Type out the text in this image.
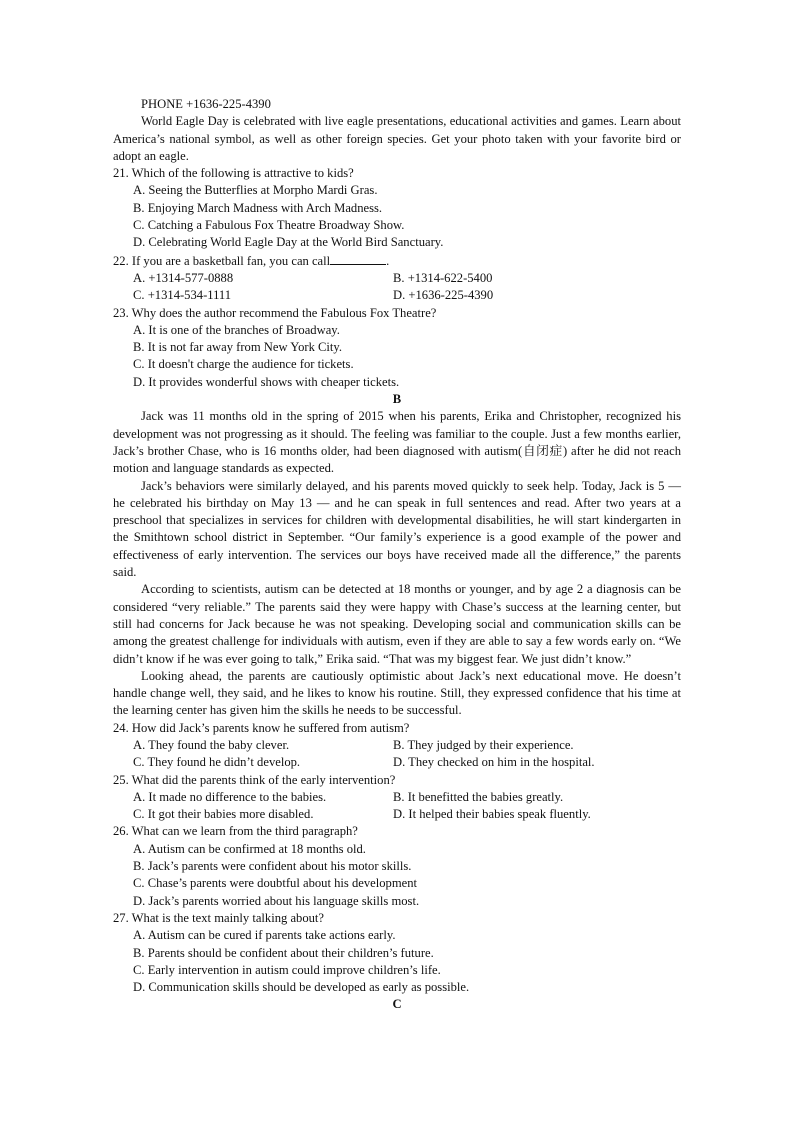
PHONE +1636-225-4390
World Eagle Day is celebrated with live eagle presentations, educational activities and games. Learn about America’s national symbol, as well as other foreign species. Get your photo taken with your favorite bird or adopt an eagle.
21. Which of the following is attractive to kids?
A. Seeing the Butterflies at Morpho Mardi Gras.
B. Enjoying March Madness with Arch Madness.
C. Catching a Fabulous Fox Theatre Broadway Show.
D. Celebrating World Eagle Day at the World Bird Sanctuary.
22. If you are a basketball fan, you can call	.
A. +1314-577-0888	B. +1314-622-5400
C. +1314-534-1111	D. +1636-225-4390
23. Why does the author recommend the Fabulous Fox Theatre?
A. It is one of the branches of Broadway.
B. It is not far away from New York City.
C. It doesn't charge the audience for tickets.
D. It provides wonderful shows with cheaper tickets.
B
Jack was 11 months old in the spring of 2015 when his parents, Erika and Christopher, recognized his development was not progressing as it should. The feeling was familiar to the couple. Just a few months earlier, Jack’s brother Chase, who is 16 months older, had been diagnosed with autism(自闭症) after he did not reach motion and language standards as expected.
Jack’s behaviors were similarly delayed, and his parents moved quickly to seek help. Today, Jack is 5 — he celebrated his birthday on May 13 — and he can speak in full sentences and read. After two years at a preschool that specializes in services for children with developmental disabilities, he will start kindergarten in the Smithtown school district in September. “Our family’s experience is a good example of the power and effectiveness of early intervention. The services our boys have received made all the difference,” the parents said.
According to scientists, autism can be detected at 18 months or younger, and by age 2 a diagnosis can be considered “very reliable.” The parents said they were happy with Chase’s success at the learning center, but still had concerns for Jack because he was not speaking. Developing social and communication skills can be among the greatest challenge for individuals with autism, even if they are able to say a few words early on. “We didn’t know if he was ever going to talk,” Erika said. “That was my biggest fear. We just didn’t know.”
Looking ahead, the parents are cautiously optimistic about Jack’s next educational move. He doesn’t handle change well, they said, and he likes to know his routine. Still, they expressed confidence that his time at the learning center has given him the skills he needs to be successful.
24. How did Jack’s parents know he suffered from autism?
A. They found the baby clever.	B. They judged by their experience.
C. They found he didn’t develop.	D. They checked on him in the hospital.
25. What did the parents think of the early intervention?
A. It made no difference to the babies.	B. It benefitted the babies greatly.
C. It got their babies more disabled.	D. It helped their babies speak fluently.
26. What can we learn from the third paragraph?
A. Autism can be confirmed at 18 months old.
B. Jack’s parents were confident about his motor skills.
C. Chase’s parents were doubtful about his development
D. Jack’s parents worried about his language skills most.
27. What is the text mainly talking about?
A. Autism can be cured if parents take actions early.
B. Parents should be confident about their children’s future.
C. Early intervention in autism could improve children’s life.
D. Communication skills should be developed as early as possible.
C
